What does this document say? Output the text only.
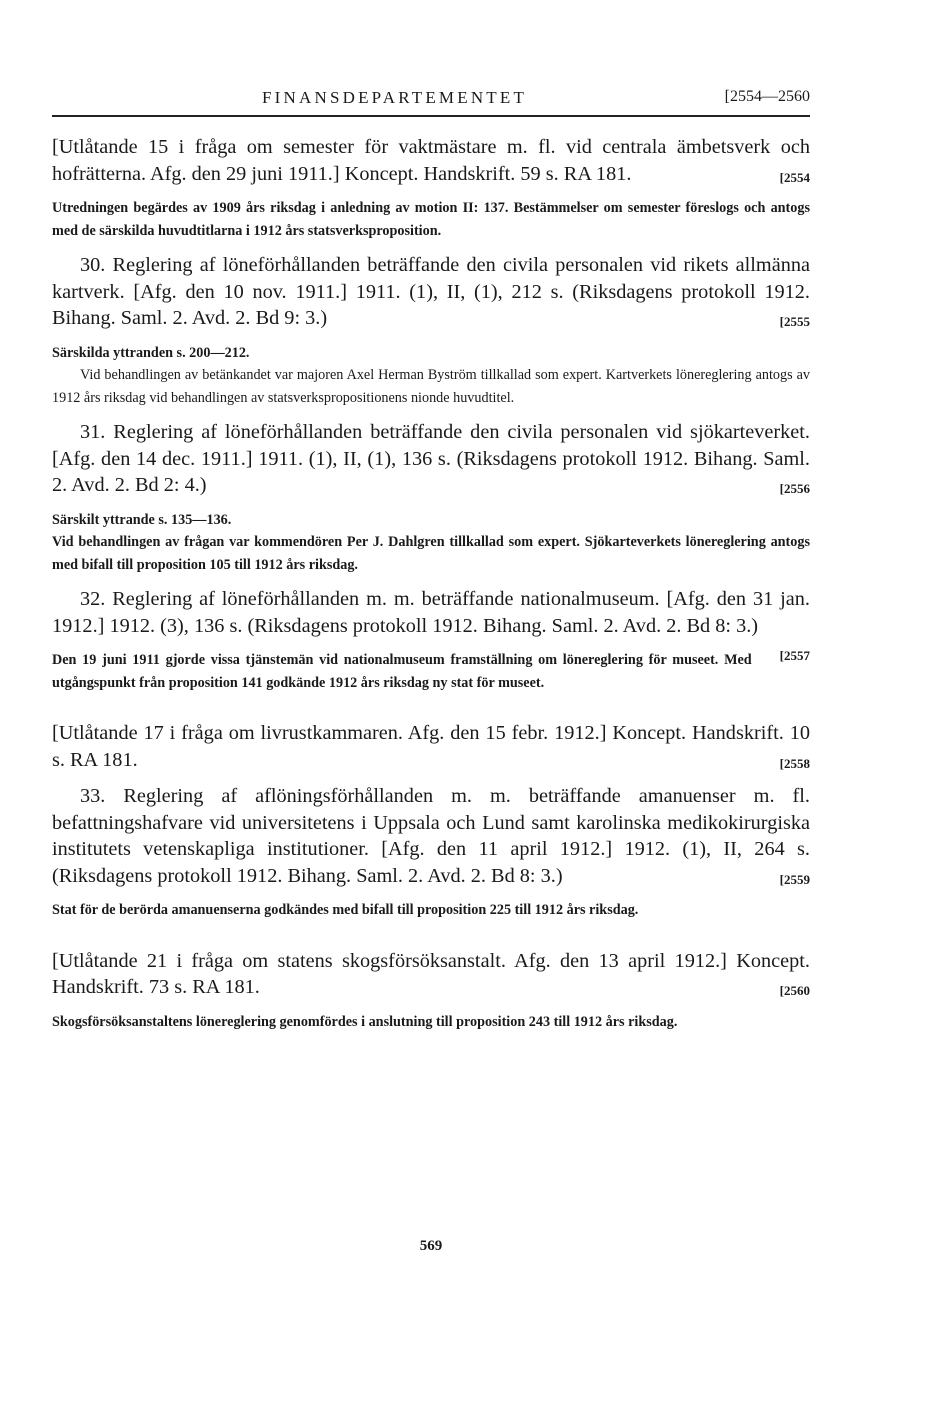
FINANSDEPARTEMENTET	[2554—2560

[Utlåtande 15 i fråga om semester för vaktmästare m. fl. vid centrala ämbetsverk och hofrätterna. Afg. den 29 juni 1911.] Koncept. Handskrift. 59 s. RA 181.	[2554

Utredningen begärdes av 1909 års riksdag i anledning av motion II: 137. Bestämmelser om semester föreslogs och antogs med de särskilda huvudtitlarna i 1912 års statsverksproposition.

30. Reglering af löneförhållanden beträffande den civila personalen vid rikets allmänna kartverk. [Afg. den 10 nov. 1911.] 1911. (1), II, (1), 212 s. (Riksdagens protokoll 1912. Bihang. Saml. 2. Avd. 2. Bd 9: 3.)	[2555

Särskilda yttranden s. 200—212.

Vid behandlingen av betänkandet var majoren Axel Herman Byström tillkallad som expert. Kartverkets lönereglering antogs av 1912 års riksdag vid behandlingen av statsverkspropositionens nionde huvudtitel.

31. Reglering af löneförhållanden beträffande den civila personalen vid sjökarteverket. [Afg. den 14 dec. 1911.] 1911. (1), II, (1), 136 s. (Riksdagens protokoll 1912. Bihang. Saml. 2. Avd. 2. Bd 2: 4.)	[2556

Särskilt yttrande s. 135—136.

Vid behandlingen av frågan var kommendören Per J. Dahlgren tillkallad som expert. Sjökarteverkets lönereglering antogs med bifall till proposition 105 till 1912 års riksdag.

32. Reglering af löneförhållanden m. m. beträffande nationalmuseum. [Afg. den 31 jan. 1912.] 1912. (3), 136 s. (Riksdagens protokoll 1912. Bihang. Saml. 2. Avd. 2. Bd 8: 3.)
[2557

Den 19 juni 1911 gjorde vissa tjänstemän vid nationalmuseum framställning om lönereglering för museet. Med utgångspunkt från proposition 141 godkände 1912 års riksdag ny stat för museet.

[Utlåtande 17 i fråga om livrustkammaren. Afg. den 15 febr. 1912.] Koncept. Handskrift. 10 s. RA 181.	[2558

33. Reglering af aflöningsförhållanden m. m. beträffande amanuenser m. fl. befattningshafvare vid universitetens i Uppsala och Lund samt karolinska medikokirurgiska institutets vetenskapliga institutioner. [Afg. den 11 april 1912.] 1912. (1), II, 264 s. (Riksdagens protokoll 1912. Bihang. Saml. 2. Avd. 2. Bd 8: 3.)	[2559

Stat för de berörda amanuenserna godkändes med bifall till proposition 225 till 1912 års riksdag.

[Utlåtande 21 i fråga om statens skogsförsöksanstalt. Afg. den 13 april 1912.] Koncept. Handskrift. 73 s. RA 181.	[2560

Skogsförsöksanstaltens lönereglering genomfördes i anslutning till proposition 243 till 1912 års riksdag.

569
